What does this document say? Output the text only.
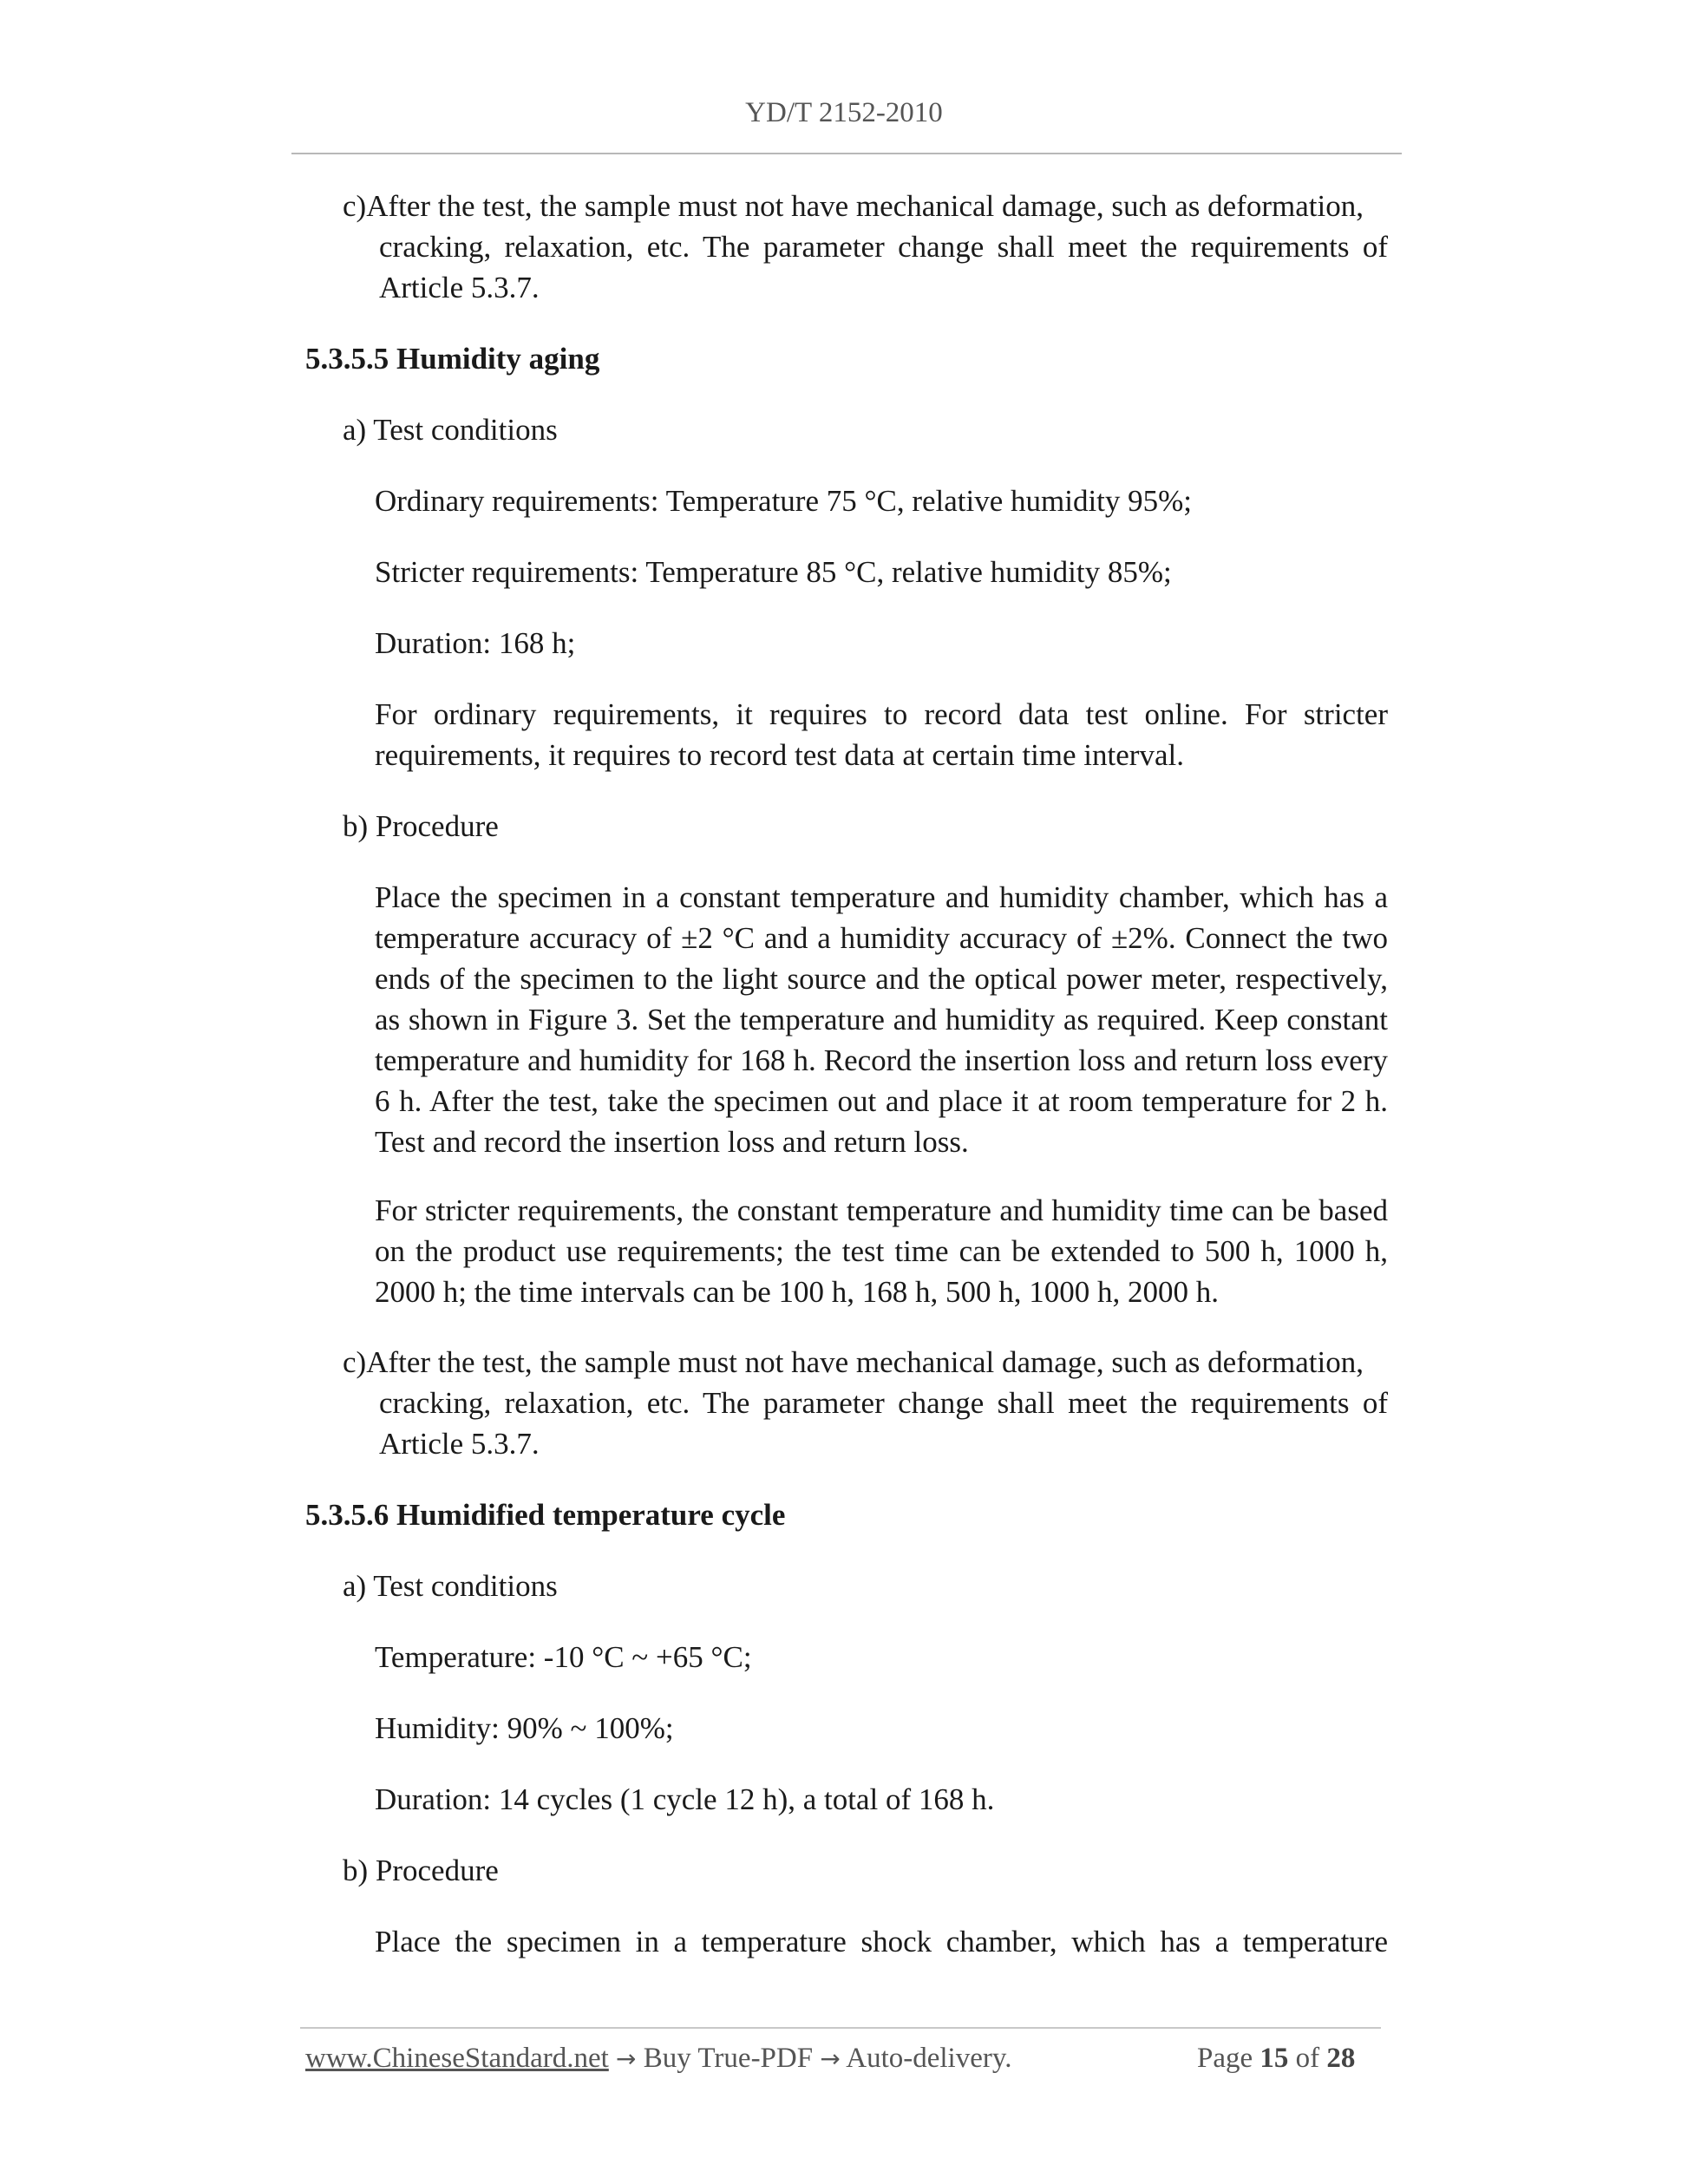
YD/T 2152-2010
c)After the test, the sample must not have mechanical damage, such as deformation,
cracking, relaxation, etc. The parameter change shall meet the requirements of Article 5.3.7.
5.3.5.5 Humidity aging
a) Test conditions
Ordinary requirements: Temperature 75 °C, relative humidity 95%;
Stricter requirements: Temperature 85 °C, relative humidity 85%;
Duration: 168 h;
For ordinary requirements, it requires to record data test online. For stricter requirements, it requires to record test data at certain time interval.
b) Procedure
Place the specimen in a constant temperature and humidity chamber, which has a temperature accuracy of ±2 °C and a humidity accuracy of ±2%. Connect the two ends of the specimen to the light source and the optical power meter, respectively, as shown in Figure 3. Set the temperature and humidity as required. Keep constant temperature and humidity for 168 h. Record the insertion loss and return loss every 6 h. After the test, take the specimen out and place it at room temperature for 2 h. Test and record the insertion loss and return loss.
For stricter requirements, the constant temperature and humidity time can be based on the product use requirements; the test time can be extended to 500 h, 1000 h, 2000 h; the time intervals can be 100 h, 168 h, 500 h, 1000 h, 2000 h.
c)After the test, the sample must not have mechanical damage, such as deformation,
cracking, relaxation, etc. The parameter change shall meet the requirements of Article 5.3.7.
5.3.5.6 Humidified temperature cycle
a) Test conditions
Temperature: -10 °C ~ +65 °C;
Humidity: 90% ~ 100%;
Duration: 14 cycles (1 cycle 12 h), a total of 168 h.
b) Procedure
Place the specimen in a temperature shock chamber, which has a temperature
www.ChineseStandard.net → Buy True-PDF → Auto-delivery.	Page 15 of 28
